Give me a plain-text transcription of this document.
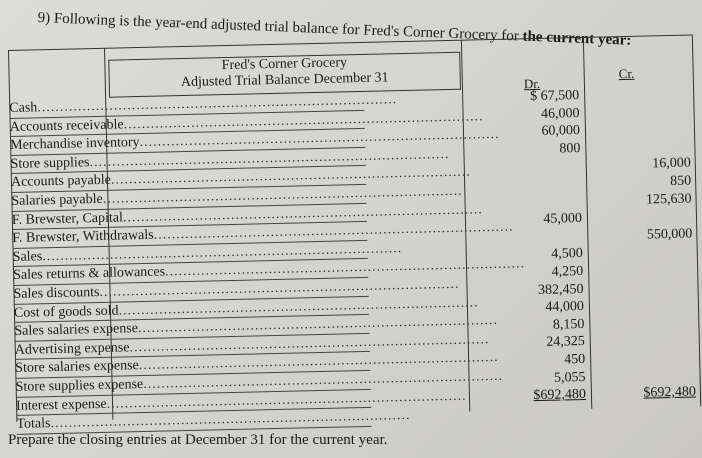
9) Following is the year-end adjusted trial balance for Fred's Corner Grocery for the current year:
Fred's Corner Grocery
Adjusted Trial Balance December 31	Dr.
Cr.
Cash................................................................................
Accounts receivable................................................................................
Merchandise inventory................................................................................
Store supplies................................................................................
Accounts payable................................................................................
Salaries payable................................................................................
F. Brewster, Capital................................................................................
F. Brewster, Withdrawals................................................................................
Sales................................................................................
Sales returns & allowances................................................................................
Sales discounts................................................................................
Cost of goods sold................................................................................
Sales salaries expense................................................................................
Advertising expense................................................................................
Store salaries expense................................................................................
Store supplies expense................................................................................
Interest expense................................................................................
Totals................................................................................
$ 67,500
46,000
60,000
800
45,000
4,500
4,250
382,450
44,000
8,150
24,325
450
5,055
$692,480
16,000
850
125,630
550,000
$692,480
Prepare the closing entries at December 31 for the current year.
